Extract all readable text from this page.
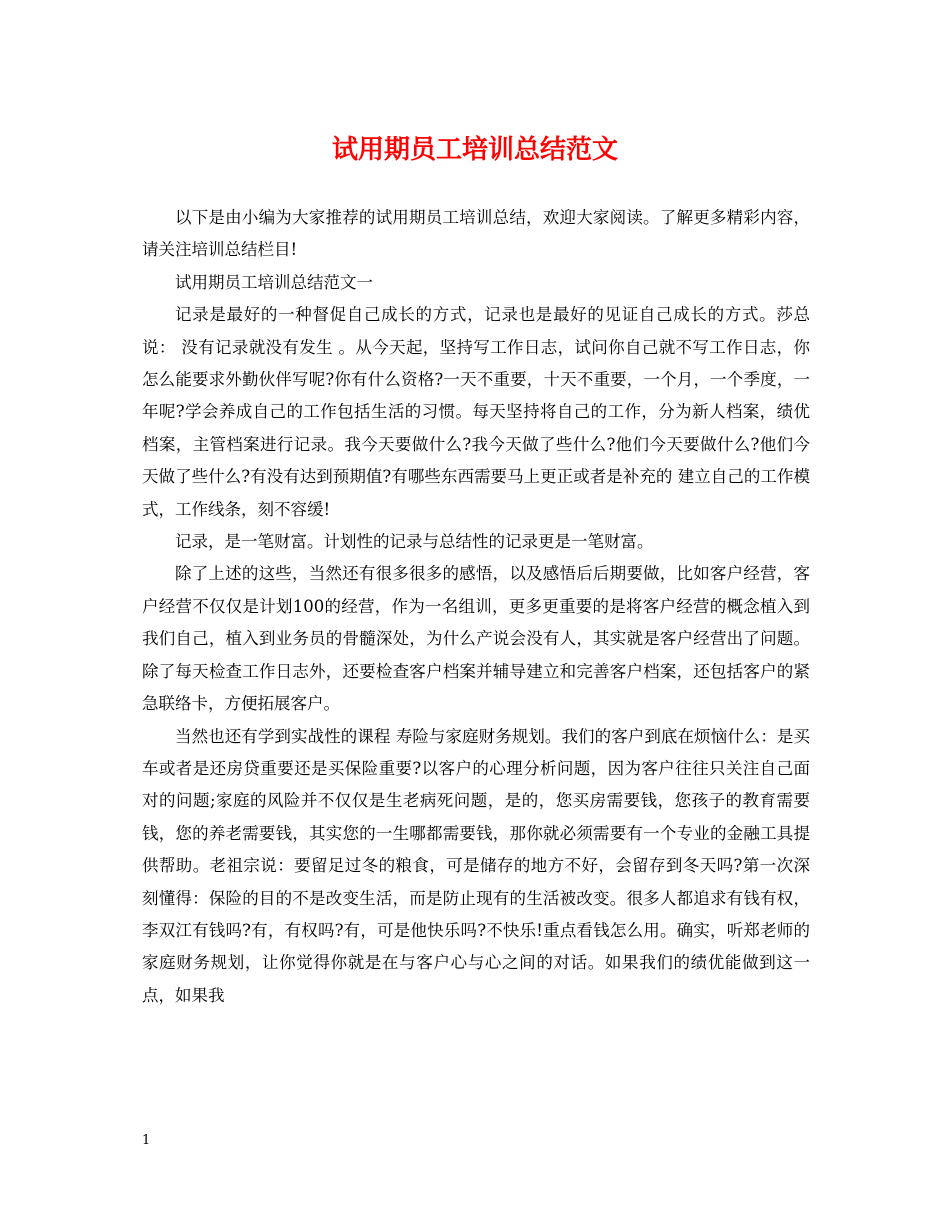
试用期员工培训总结范文

以下是由小编为大家推荐的试用期员工培训总结，欢迎大家阅读。了解更多精彩内容，请关注培训总结栏目!

试用期员工培训总结范文一

记录是最好的一种督促自己成长的方式，记录也是最好的见证自己成长的方式。莎总说： 没有记录就没有发生 。从今天起，坚持写工作日志，试问你自己就不写工作日志，你怎么能要求外勤伙伴写呢?你有什么资格?一天不重要，十天不重要，一个月，一个季度，一年呢?学会养成自己的工作包括生活的习惯。每天坚持将自己的工作，分为新人档案，绩优档案，主管档案进行记录。我今天要做什么?我今天做了些什么?他们今天要做什么?他们今天做了些什么?有没有达到预期值?有哪些东西需要马上更正或者是补充的 建立自己的工作模式，工作线条，刻不容缓!

记录，是一笔财富。计划性的记录与总结性的记录更是一笔财富。

除了上述的这些，当然还有很多很多的感悟，以及感悟后后期要做，比如客户经营，客户经营不仅仅是计划100的经营，作为一名组训，更多更重要的是将客户经营的概念植入到我们自己，植入到业务员的骨髓深处，为什么产说会没有人，其实就是客户经营出了问题。除了每天检查工作日志外，还要检查客户档案并辅导建立和完善客户档案，还包括客户的紧急联络卡，方便拓展客户。

当然也还有学到实战性的课程 寿险与家庭财务规划。我们的客户到底在烦恼什么：是买车或者是还房贷重要还是买保险重要?以客户的心理分析问题，因为客户往往只关注自己面对的问题;家庭的风险并不仅仅是生老病死问题，是的，您买房需要钱，您孩子的教育需要钱，您的养老需要钱，其实您的一生哪都需要钱，那你就必须需要有一个专业的金融工具提供帮助。老祖宗说：要留足过冬的粮食，可是储存的地方不好，会留存到冬天吗?第一次深刻懂得：保险的目的不是改变生活，而是防止现有的生活被改变。很多人都追求有钱有权，李双江有钱吗?有，有权吗?有，可是他快乐吗?不快乐!重点看钱怎么用。确实，听郑老师的家庭财务规划，让你觉得你就是在与客户心与心之间的对话。如果我们的绩优能做到这一点，如果我

1
